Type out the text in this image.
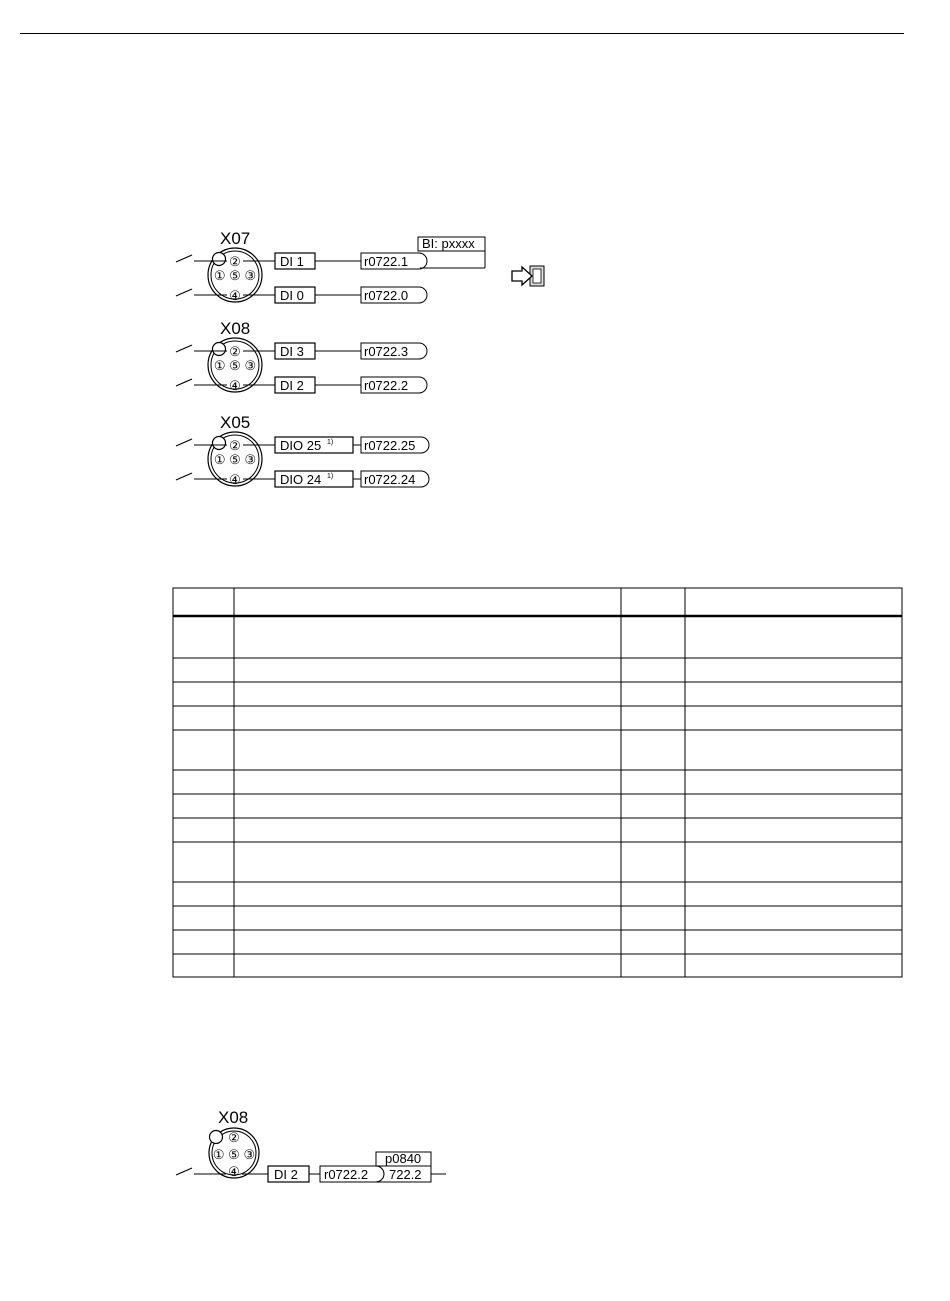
X07
① ⑤ ③
②	DI 1	r0722.1
④	DI 0	r0722.0
X08
① ⑤ ③
②	DI 3	r0722.3
④	DI 2	r0722.2
X05
① ⑤ ③
②	DIO 25 1) r0722.25
④	DIO 24 1) r0722.24
BI: pxxxx
X08
②
① ⑤ ③
④	DI 2 r0722.2
p0840
722.2
